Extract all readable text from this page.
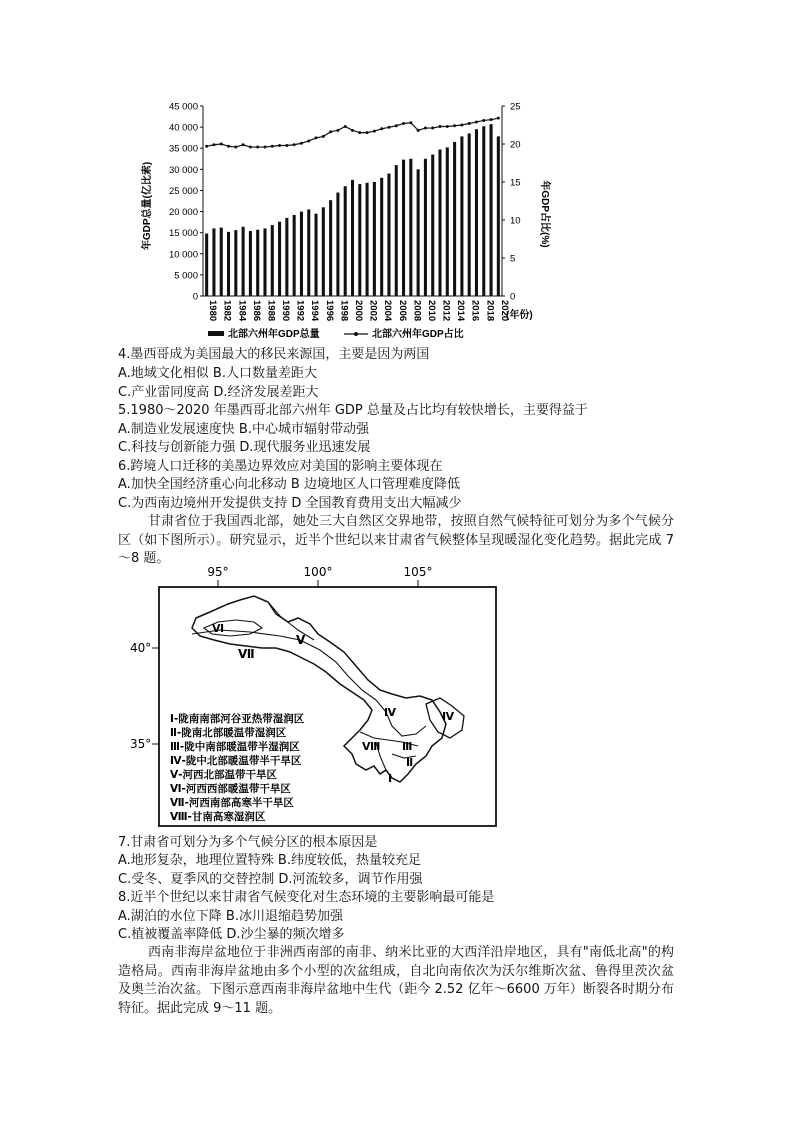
45 000
40 000
35 000
30 000
25 000
20 000
15 000
10 000
5 000
0
25
20
15
10
5
0
1980 1982 1984 1986 1988 1990 1992 1994 1996 1998 2000 2002 2004 2006 2008 2010 2012 2014 2016 2018 2020
年GDP总量(亿比索)	年GDP占比(%)
(年份)
北部六州年GDP总量	北部六州年GDP占比
4.墨西哥成为美国最大的移民来源国，主要是因为两国
A.地域文化相似 B.人口数量差距大
C.产业雷同度高 D.经济发展差距大
5.1980～2020 年墨西哥北部六州年 GDP 总量及占比均有较快增长，主要得益于
A.制造业发展速度快 B.中心城市辐射带动强
C.科技与创新能力强 D.现代服务业迅速发展
6.跨境人口迁移的美墨边界效应对美国的影响主要体现在
A.加快全国经济重心向北移动 B 边境地区人口管理难度降低
C.为西南边境州开发提供支持 D 全国教育费用支出大幅减少
甘肃省位于我国西北部，她处三大自然区交界地带，按照自然气候特征可划分为多个气候分区（如下图所示）。研究显示，近半个世纪以来甘肃省气候整体呈现暖湿化变化趋势。据此完成 7～8 题。
95°	100°	105°
40°
35°
Ⅵ
Ⅶ
Ⅴ
Ⅳ	Ⅳ
Ⅷ Ⅲ
Ⅱ
Ⅰ
Ⅰ-陇南南部河谷亚热带湿润区
Ⅱ-陇南北部暖温带湿润区
Ⅲ-陇中南部暖温带半湿润区
Ⅳ-陇中北部暖温带半干旱区
Ⅴ-河西北部温带干旱区
Ⅵ-河西西部暖温带干旱区
Ⅶ-河西南部高寒半干旱区
Ⅷ-甘南高寒湿润区
7.甘肃省可划分为多个气候分区的根本原因是
A.地形复杂，地理位置特殊 B.纬度较低，热量较充足
C.受冬、夏季风的交替控制 D.河流较多，调节作用强
8.近半个世纪以来甘肃省气候变化对生态环境的主要影响最可能是
A.湖泊的水位下降 B.冰川退缩趋势加强
C.植被覆盖率降低 D.沙尘暴的频次增多
西南非海岸盆地位于非洲西南部的南非、纳米比亚的大西洋沿岸地区，具有"南低北高"的构造格局。西南非海岸盆地由多个小型的次盆组成，自北向南依次为沃尔维斯次盆、鲁得里茨次盆及奥兰治次盆。下图示意西南非海岸盆地中生代（距今 2.52 亿年～6600 万年）断裂各时期分布特征。据此完成 9～11 题。
